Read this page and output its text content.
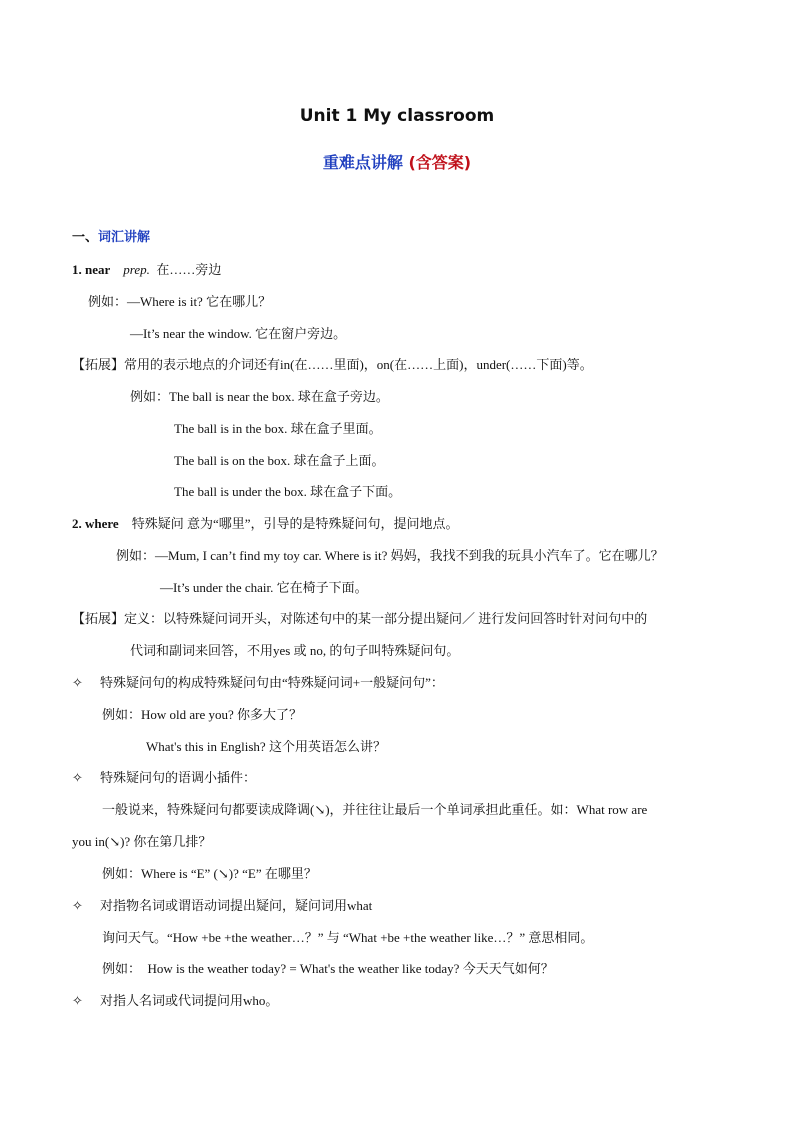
Unit 1 My classroom
重难点讲解 (含答案)
一、词汇讲解
1. near prep. 在……旁边
例如：—Where is it? 它在哪儿？
—It’s near the window. 它在窗户旁边。
【拓展】常用的表示地点的介词还有in(在……里面)，on(在……上面)，under(……下面)等。
例如：The ball is near the box. 球在盒子旁边。
The ball is in the box. 球在盒子里面。
The ball is on the box. 球在盒子上面。
The ball is under the box. 球在盒子下面。
2. where 特殊疑问 意为“哪里”，引导的是特殊疑问句，提问地点。
例如：—Mum, I can’t find my toy car. Where is it? 妈妈，我找不到我的玩具小汽车了。它在哪儿？
—It’s under the chair. 它在椅子下面。
【拓展】定义：以特殊疑问词开头，对陈述句中的某一部分提出疑问／ 进行发问回答时针对问句中的
代词和副词来回答，不用yes 或 no, 的句子叫特殊疑问句。
✧ 特殊疑问句的构成特殊疑问句由“特殊疑问词+一般疑问句”：
例如：How old are you? 你多大了？
What's this in English? 这个用英语怎么讲？
✧ 特殊疑问句的语调小插件：
一般说来，特殊疑问句都要读成降调(↘)，并往往让最后一个单词承担此重任。如：What row are
you in(↘)? 你在第几排？
例如：Where is “E” (↘)? “E” 在哪里？
✧ 对指物名词或谓语动词提出疑问，疑问词用what
询问天气。“How +be +the weather…？” 与 “What +be +the weather like…？” 意思相同。
例如： How is the weather today? = What's the weather like today? 今天天气如何？
✧ 对指人名词或代词提问用who。
